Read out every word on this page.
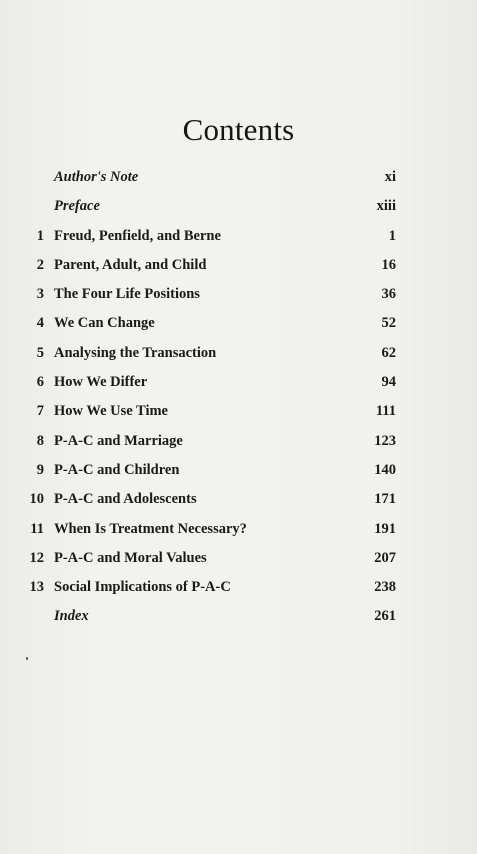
Contents
Author's Note	xi
Preface	xiii
1 Freud, Penfield, and Berne	1
2 Parent, Adult, and Child	16
3 The Four Life Positions	36
4 We Can Change	52
5 Analysing the Transaction	62
6 How We Differ	94
7 How We Use Time	111
8 P-A-C and Marriage	123
9 P-A-C and Children	140
10 P-A-C and Adolescents	171
11 When Is Treatment Necessary?	191
12 P-A-C and Moral Values	207
13 Social Implications of P-A-C	238
Index	261
